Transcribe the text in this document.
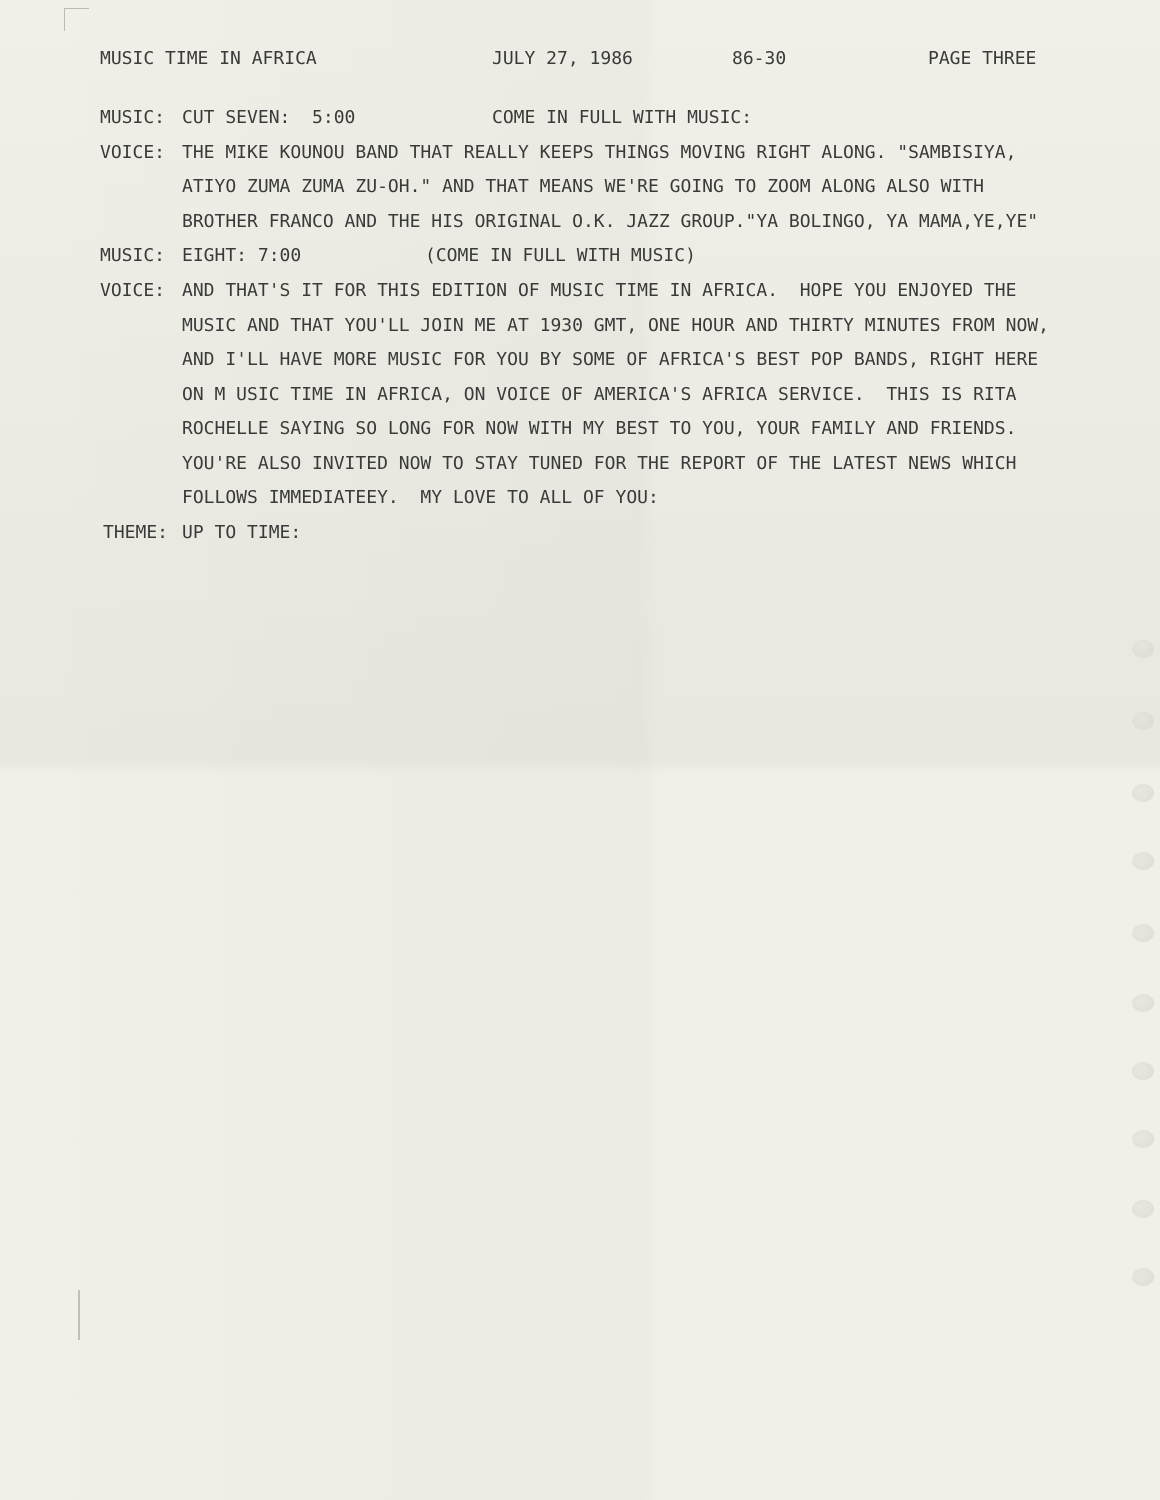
MUSIC TIME IN AFRICA	JULY 27, 1986	86-30	PAGE THREE
MUSIC: CUT SEVEN:  5:00	COME IN FULL WITH MUSIC:
VOICE: THE MIKE KOUNOU BAND THAT REALLY KEEPS THINGS MOVING RIGHT ALONG. "SAMBISIYA,
ATIYO ZUMA ZUMA ZU-OH." AND THAT MEANS WE'RE GOING TO ZOOM ALONG ALSO WITH
BROTHER FRANCO AND THE HIS ORIGINAL O.K. JAZZ GROUP."YA BOLINGO, YA MAMA,YE,YE"
MUSIC: EIGHT: 7:00	(COME IN FULL WITH MUSIC)
VOICE: AND THAT'S IT FOR THIS EDITION OF MUSIC TIME IN AFRICA.  HOPE YOU ENJOYED THE
MUSIC AND THAT YOU'LL JOIN ME AT 1930 GMT, ONE HOUR AND THIRTY MINUTES FROM NOW,
AND I'LL HAVE MORE MUSIC FOR YOU BY SOME OF AFRICA'S BEST POP BANDS, RIGHT HERE
ON M USIC TIME IN AFRICA, ON VOICE OF AMERICA'S AFRICA SERVICE.  THIS IS RITA
ROCHELLE SAYING SO LONG FOR NOW WITH MY BEST TO YOU, YOUR FAMILY AND FRIENDS.
YOU'RE ALSO INVITED NOW TO STAY TUNED FOR THE REPORT OF THE LATEST NEWS WHICH
FOLLOWS IMMEDIATEEY.  MY LOVE TO ALL OF YOU:
THEME: UP TO TIME:
